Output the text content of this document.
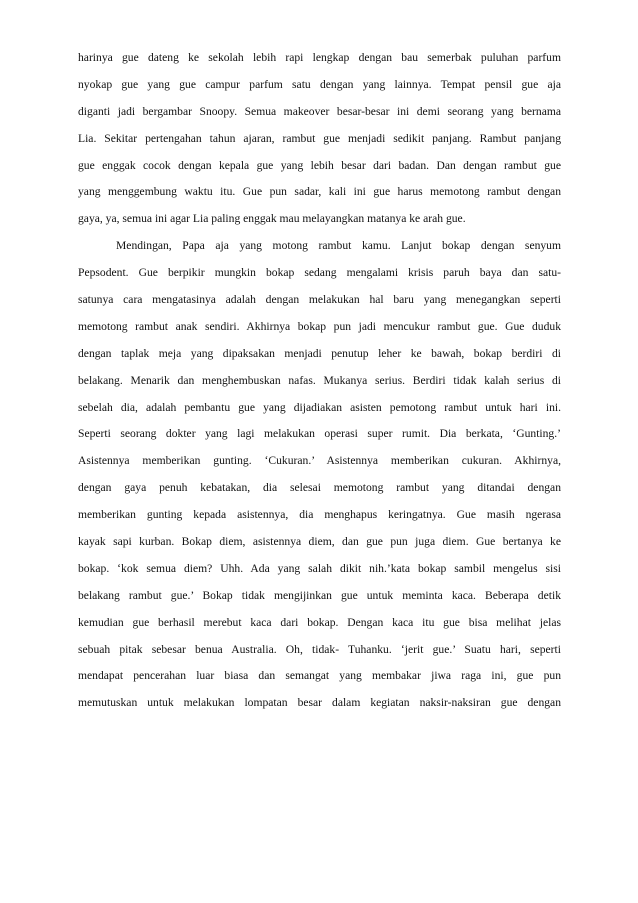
harinya gue dateng ke sekolah lebih rapi lengkap dengan bau semerbak puluhan parfum
nyokap gue yang gue campur parfum satu dengan yang lainnya. Tempat pensil gue aja
diganti jadi bergambar Snoopy. Semua makeover besar-besar ini demi seorang yang bernama
Lia. Sekitar pertengahan tahun ajaran, rambut gue menjadi sedikit panjang. Rambut panjang
gue enggak cocok dengan kepala gue yang lebih besar dari badan. Dan dengan rambut gue
yang menggembung waktu itu. Gue pun sadar, kali ini gue harus memotong rambut dengan
gaya, ya, semua ini agar Lia paling enggak mau melayangkan matanya ke arah gue.
Mendingan, Papa aja yang motong rambut kamu. Lanjut bokap dengan senyum
Pepsodent. Gue berpikir mungkin bokap sedang mengalami krisis paruh baya dan satu-
satunya cara mengatasinya adalah dengan melakukan hal baru yang menegangkan seperti
memotong rambut anak sendiri. Akhirnya bokap pun jadi mencukur rambut gue. Gue duduk
dengan taplak meja yang dipaksakan menjadi penutup leher ke bawah, bokap berdiri di
belakang. Menarik dan menghembuskan nafas. Mukanya serius. Berdiri tidak kalah serius di
sebelah dia, adalah pembantu gue yang dijadiakan asisten pemotong rambut untuk hari ini.
Seperti seorang dokter yang lagi melakukan operasi super rumit. Dia berkata, ‘Gunting.’
Asistennya memberikan gunting. ‘Cukuran.’ Asistennya memberikan cukuran. Akhirnya,
dengan gaya penuh kebatakan, dia selesai memotong rambut yang ditandai dengan
memberikan gunting kepada asistennya, dia menghapus keringatnya. Gue masih ngerasa
kayak sapi kurban. Bokap diem, asistennya diem, dan gue pun juga diem. Gue bertanya ke
bokap. ‘kok semua diem? Uhh. Ada yang salah dikit nih.’kata bokap sambil mengelus sisi
belakang rambut gue.’ Bokap tidak mengijinkan gue untuk meminta kaca. Beberapa detik
kemudian gue berhasil merebut kaca dari bokap. Dengan kaca itu gue bisa melihat jelas
sebuah pitak sebesar benua Australia. Oh, tidak- Tuhanku. ‘jerit gue.’ Suatu hari, seperti
mendapat pencerahan luar biasa dan semangat yang membakar jiwa raga ini, gue pun
memutuskan untuk melakukan lompatan besar dalam kegiatan naksir-naksiran gue dengan
